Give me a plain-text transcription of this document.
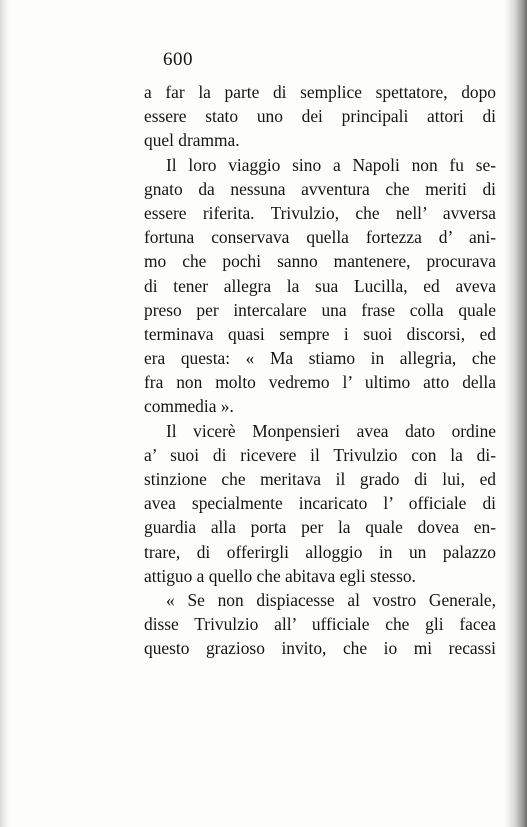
600
a far la parte di semplice spettatore, dopo
essere stato uno dei principali attori di
quel dramma.
Il loro viaggio sino a Napoli non fu se-
gnato da nessuna avventura che meriti di
essere riferita. Trivulzio, che nell’ avversa
fortuna conservava quella fortezza d’ ani-
mo che pochi sanno mantenere, procurava
di tener allegra la sua Lucilla, ed aveva
preso per intercalare una frase colla quale
terminava quasi sempre i suoi discorsi, ed
era questa: « Ma stiamo in allegria, che
fra non molto vedremo l’ ultimo atto della
commedia ».
Il vicerè Monpensieri avea dato ordine
a’ suoi di ricevere il Trivulzio con la di-
stinzione che meritava il grado di lui, ed
avea specialmente incaricato l’ officiale di
guardia alla porta per la quale dovea en-
trare, di offerirgli alloggio in un palazzo
attiguo a quello che abitava egli stesso.
« Se non dispiacesse al vostro Generale,
disse Trivulzio all’ ufficiale che gli facea
questo grazioso invito, che io mi recassi
